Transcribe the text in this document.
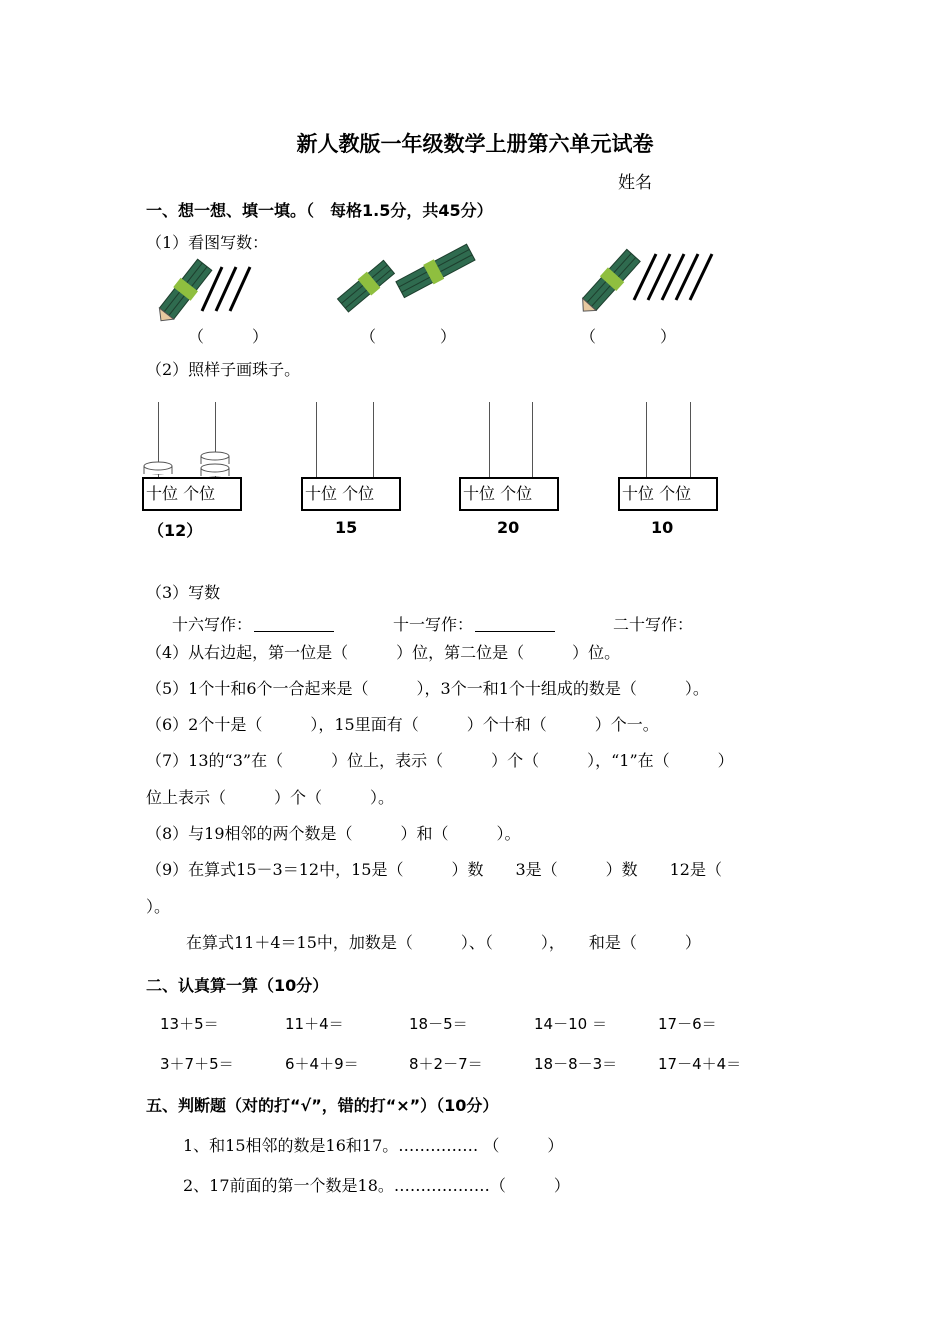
新人教版一年级数学上册第六单元试卷
姓名
一、想一想、填一填。（　每格1.5分，共45分）
（1）看图写数：
（　　　）	（　　　　）	（　　　　）
（2）照样子画珠子。
十位 个位
（12）
十位 个位
15
十位 个位
20
十位 个位
10
（3）写数
十六写作：	十一写作：	二十写作：
（4）从右边起，第一位是（　　　）位，第二位是（　　　）位。
（5）1个十和6个一合起来是（　　　），3个一和1个十组成的数是（　　　）。
（6）2个十是（　　　），15里面有（　　　）个十和（　　　）个一。
（7）13的“3”在（　　　）位上，表示（　　　）个（　　　），“1”在（　　　）
位上表示（　　　）个（　　　）。
（8）与19相邻的两个数是（　　　）和（　　　）。
（9）在算式15－3＝12中，15是（　　　）数　　3是（　　　）数　　12是（
）。
在算式11＋4＝15中，加数是（　　　）、（　　　），　　和是（　　　）
二、认真算一算（10分）
13＋5＝	11＋4＝	18－5＝	14－10 ＝	17－6＝
3＋7＋5＝	6＋4＋9＝	8＋2－7＝	18－8－3＝	17－4＋4＝
五、判断题（对的打“√”，错的打“×”）（10分）
1、和15相邻的数是16和17。…………… （　　　）
2、17前面的第一个数是18。………………（　　　）
